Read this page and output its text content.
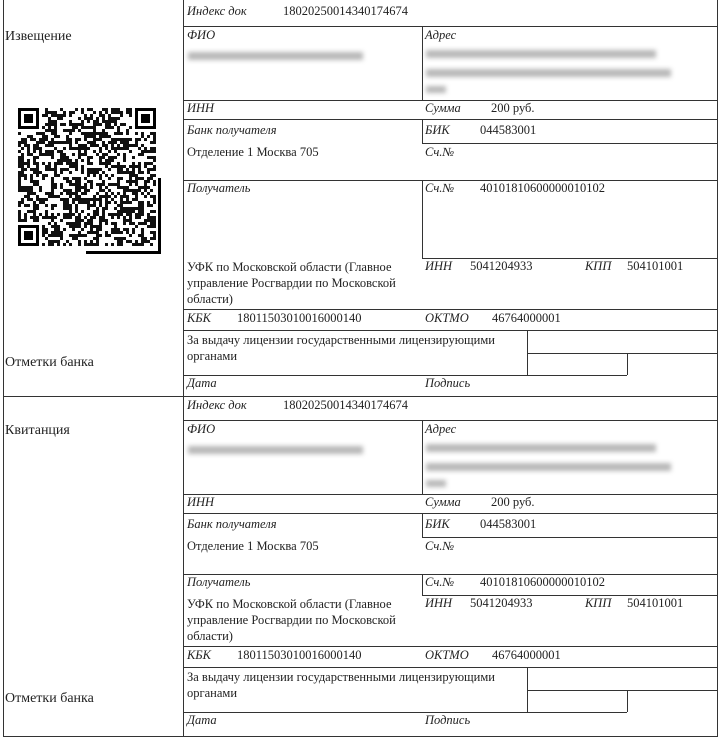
Извещение
Отметки банка
Индекс док	18020250014340174674
ФИО	Адрес
ИНН	Сумма 200 руб.
Банк получателя	БИК 044583001
Отделение 1 Москва 705	Сч.№
Получатель	Сч.№ 40101810600000010102
УФК по Московской области (Главное управление Росгвардии по Московской области)
ИНН 5041204933	КПП 504101001
КБК 18011503010016000140	ОКТМО 46764000001
За выдачу лицензии государственными лицензирующими органами
Дата	Подпись
Квитанция
Отметки банка
Индекс док	18020250014340174674
ФИО	Адрес
ИНН	Сумма 200 руб.
Банк получателя	БИК 044583001
Отделение 1 Москва 705	Сч.№
Получатель	Сч.№ 40101810600000010102
УФК по Московской области (Главное управление Росгвардии по Московской области)
ИНН 5041204933	КПП 504101001
КБК 18011503010016000140	ОКТМО 46764000001
За выдачу лицензии государственными лицензирующими органами
Дата	Подпись
